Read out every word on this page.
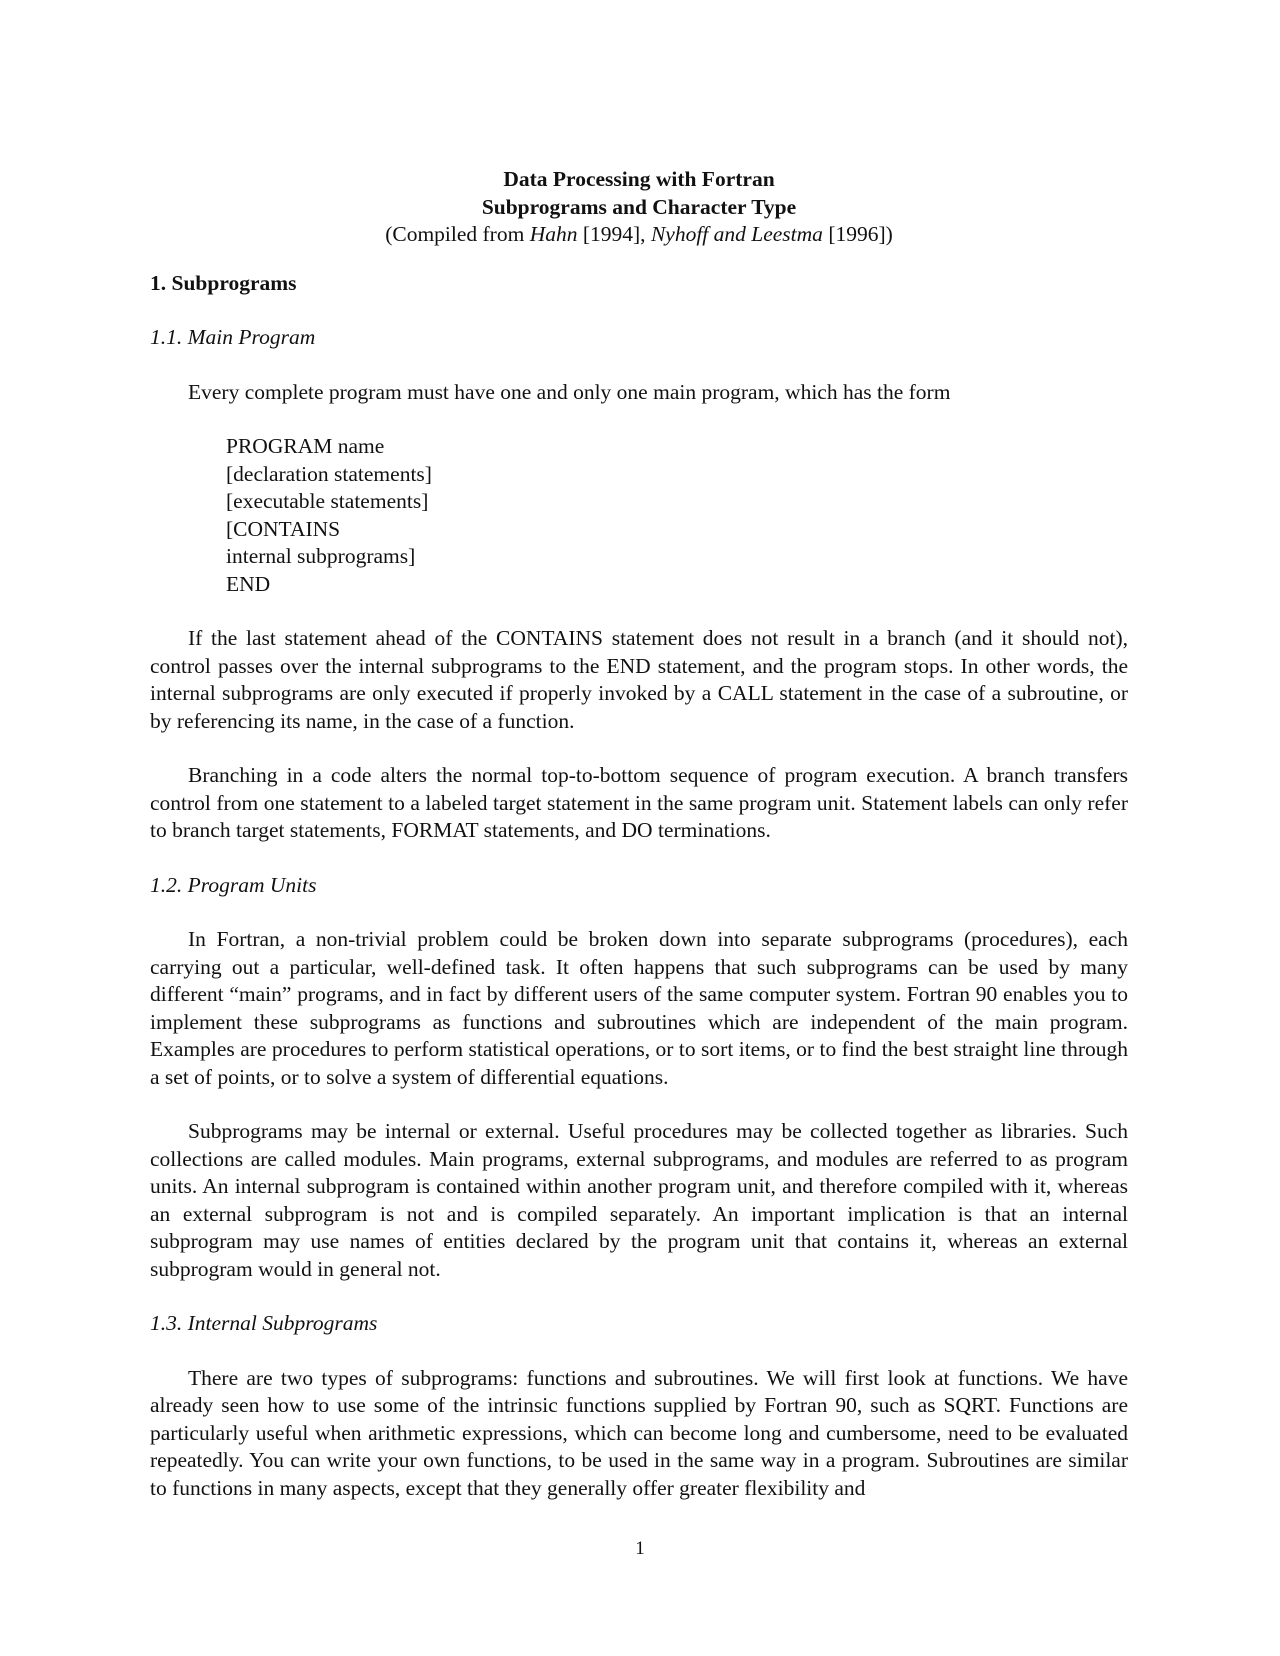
Data Processing with Fortran
Subprograms and Character Type
(Compiled from Hahn [1994], Nyhoff and Leestma [1996])
1. Subprograms
1.1. Main Program
Every complete program must have one and only one main program, which has the form
PROGRAM name
[declaration statements]
[executable statements]
[CONTAINS
internal subprograms]
END
If the last statement ahead of the CONTAINS statement does not result in a branch (and it should not), control passes over the internal subprograms to the END statement, and the program stops. In other words, the internal subprograms are only executed if properly invoked by a CALL statement in the case of a subroutine, or by referencing its name, in the case of a function.
Branching in a code alters the normal top-to-bottom sequence of program execution. A branch transfers control from one statement to a labeled target statement in the same program unit. Statement labels can only refer to branch target statements, FORMAT statements, and DO terminations.
1.2. Program Units
In Fortran, a non-trivial problem could be broken down into separate subprograms (procedures), each carrying out a particular, well-defined task. It often happens that such subprograms can be used by many different “main” programs, and in fact by different users of the same computer system. Fortran 90 enables you to implement these subprograms as functions and subroutines which are independent of the main program. Examples are procedures to perform statistical operations, or to sort items, or to find the best straight line through a set of points, or to solve a system of differential equations.
Subprograms may be internal or external. Useful procedures may be collected together as libraries. Such collections are called modules. Main programs, external subprograms, and modules are referred to as program units. An internal subprogram is contained within another program unit, and therefore compiled with it, whereas an external subprogram is not and is compiled separately. An important implication is that an internal subprogram may use names of entities declared by the program unit that contains it, whereas an external subprogram would in general not.
1.3. Internal Subprograms
There are two types of subprograms: functions and subroutines. We will first look at functions. We have already seen how to use some of the intrinsic functions supplied by Fortran 90, such as SQRT. Functions are particularly useful when arithmetic expressions, which can become long and cumbersome, need to be evaluated repeatedly. You can write your own functions, to be used in the same way in a program. Subroutines are similar to functions in many aspects, except that they generally offer greater flexibility and
1
